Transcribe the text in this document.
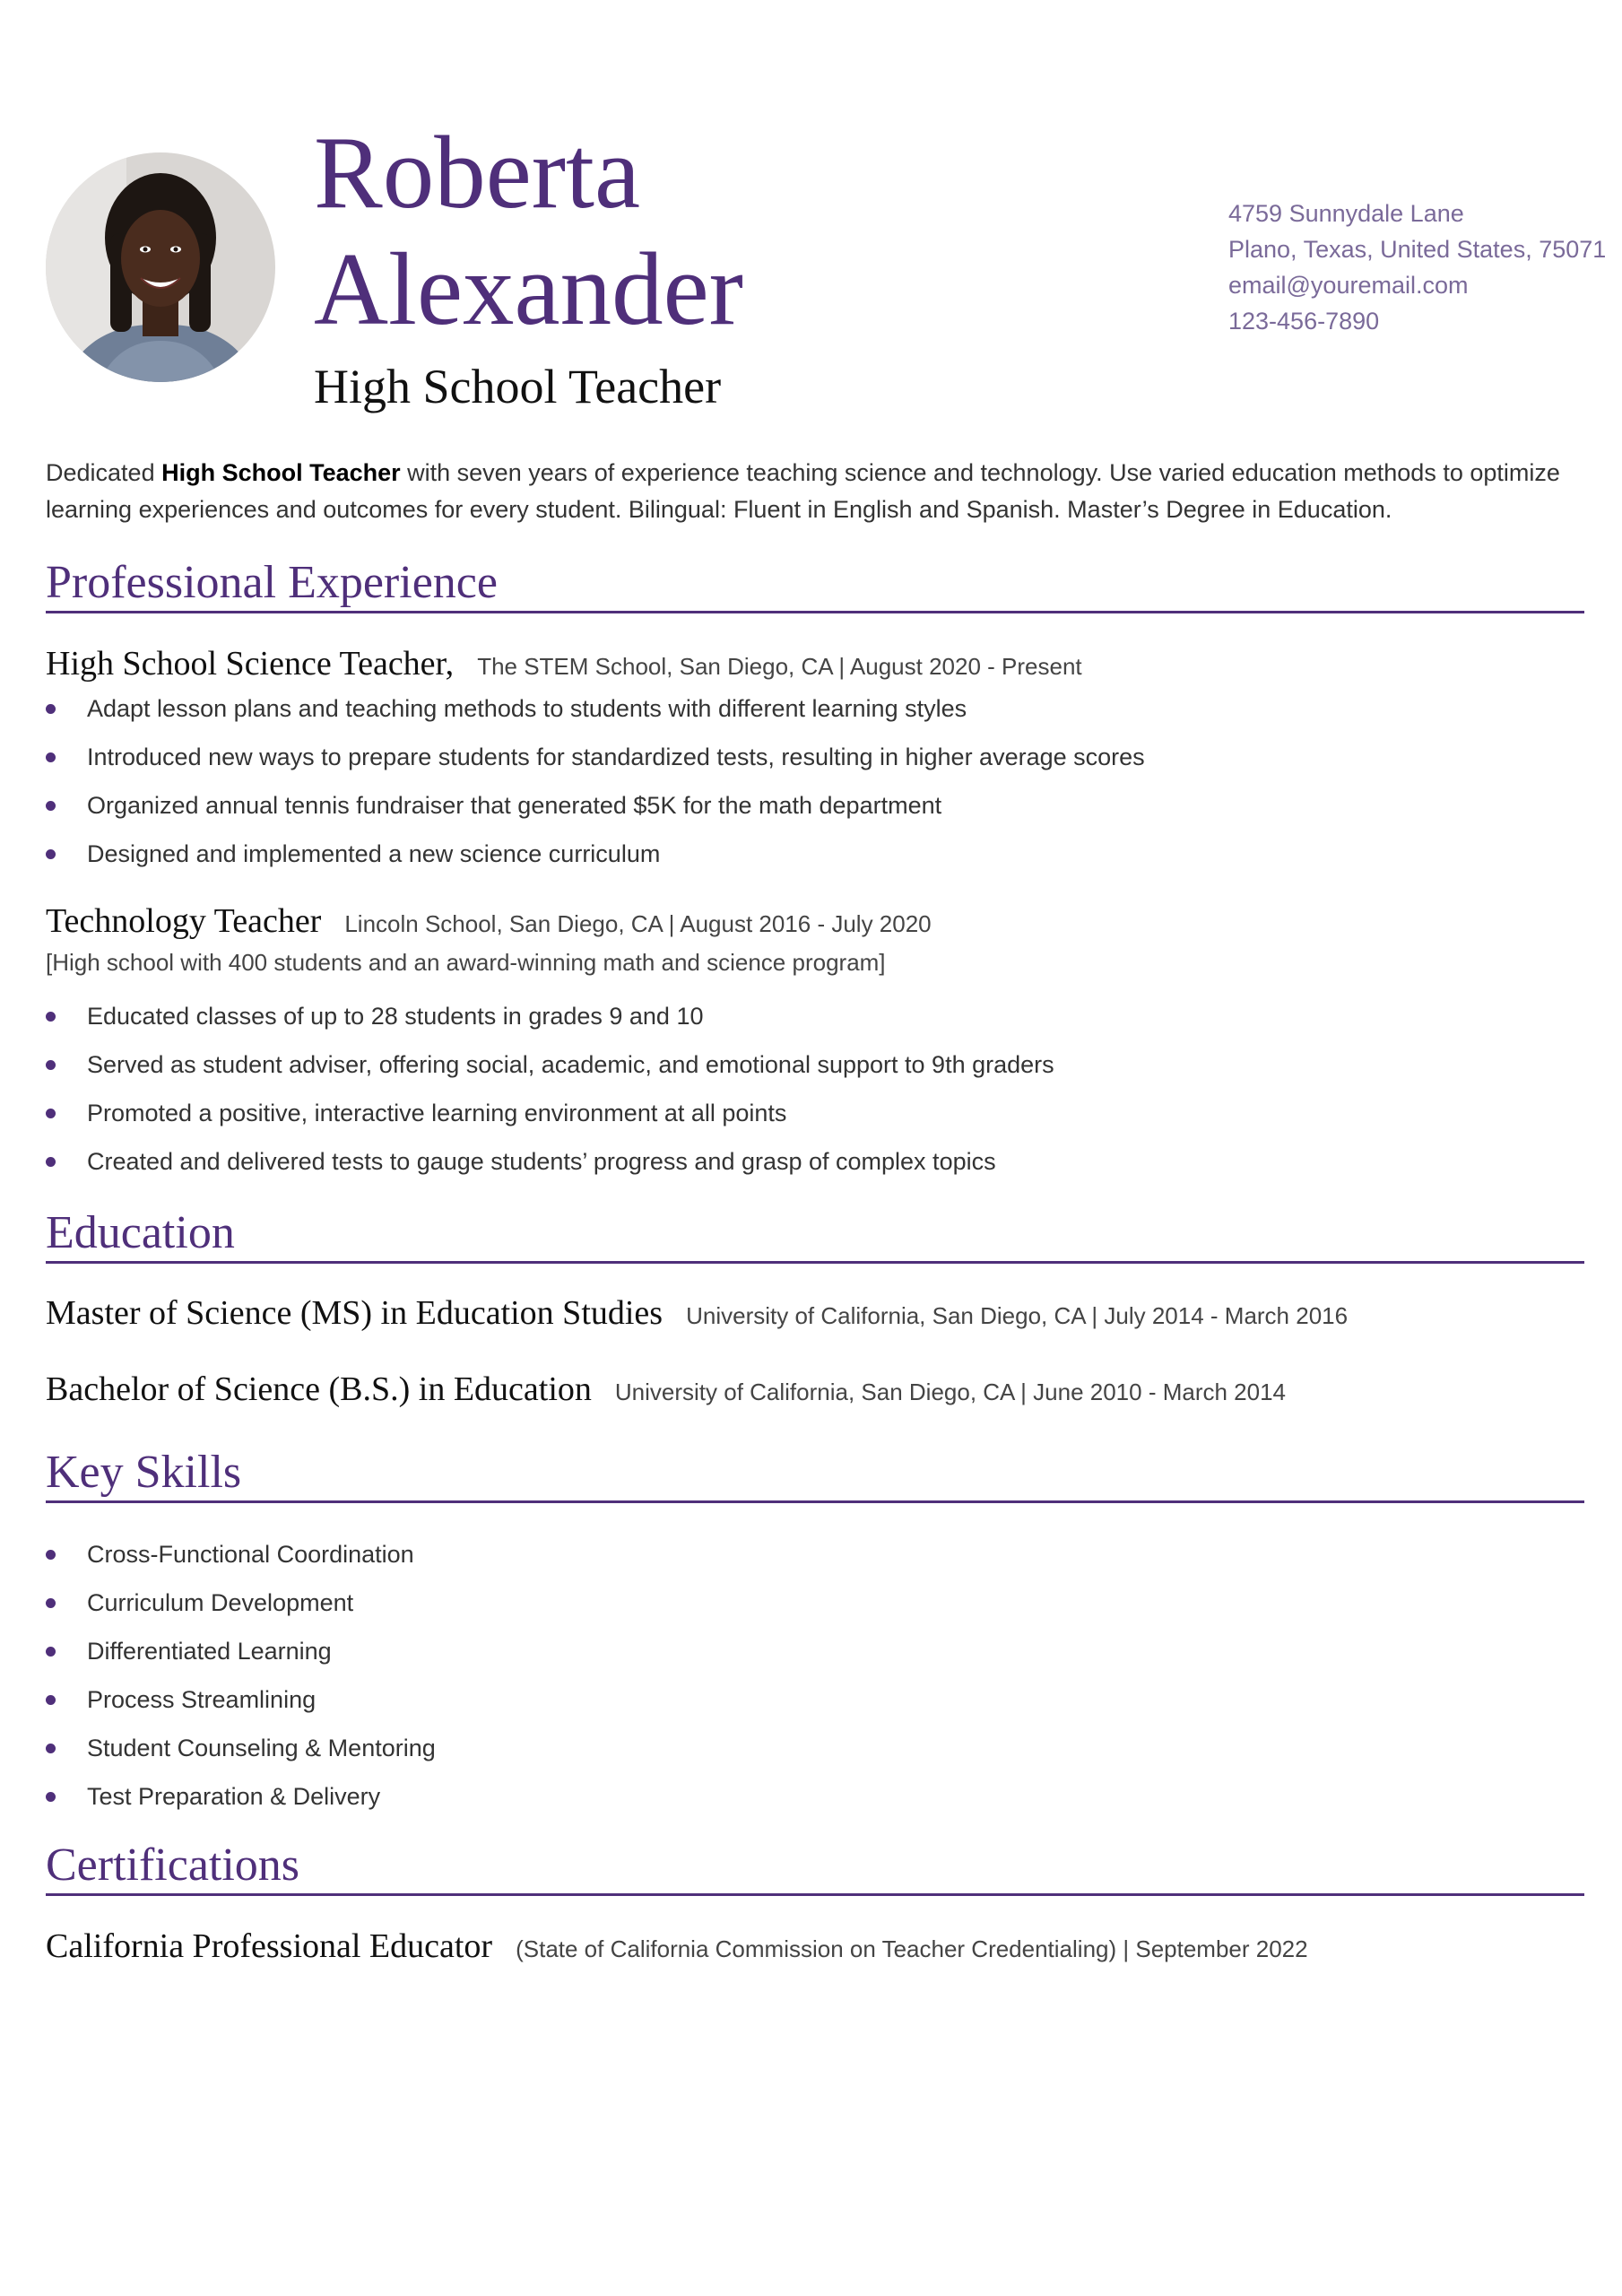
Roberta
Alexander
High School Teacher
4759 Sunnydale Lane
Plano, Texas, United States, 75071
email@youremail.com
123-456-7890
Dedicated High School Teacher with seven years of experience teaching science and technology. Use varied education methods to optimize learning experiences and outcomes for every student. Bilingual: Fluent in English and Spanish. Master’s Degree in Education.
Professional Experience
High School Science Teacher, The STEM School, San Diego, CA | August 2020 - Present
Adapt lesson plans and teaching methods to students with different learning styles
Introduced new ways to prepare students for standardized tests, resulting in higher average scores
Organized annual tennis fundraiser that generated $5K for the math department
Designed and implemented a new science curriculum
Technology Teacher Lincoln School, San Diego, CA | August 2016 - July 2020
[High school with 400 students and an award-winning math and science program]
Educated classes of up to 28 students in grades 9 and 10
Served as student adviser, offering social, academic, and emotional support to 9th graders
Promoted a positive, interactive learning environment at all points
Created and delivered tests to gauge students’ progress and grasp of complex topics
Education
Master of Science (MS) in Education Studies University of California, San Diego, CA | July 2014 - March 2016
Bachelor of Science (B.S.) in Education University of California, San Diego, CA | June 2010 - March 2014
Key Skills
Cross-Functional Coordination
Curriculum Development
Differentiated Learning
Process Streamlining
Student Counseling & Mentoring
Test Preparation & Delivery
Certifications
California Professional Educator (State of California Commission on Teacher Credentialing) | September 2022
